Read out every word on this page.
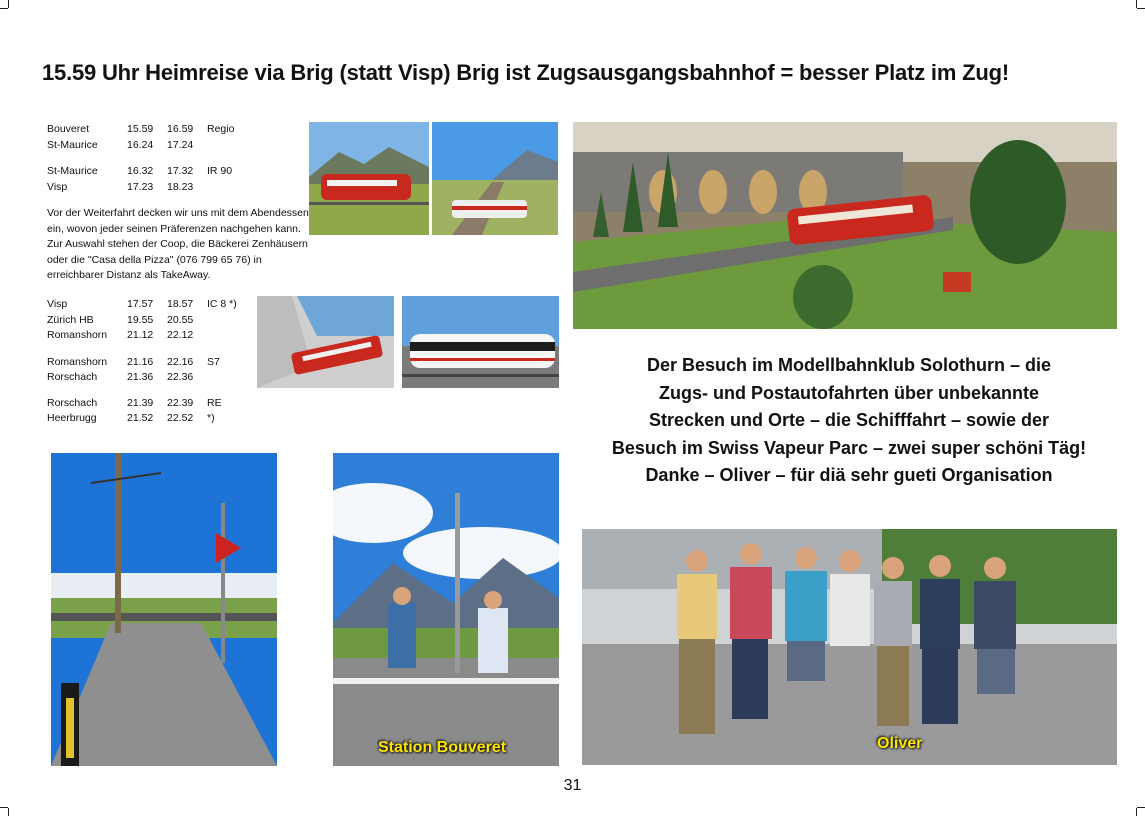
15.59 Uhr Heimreise via Brig (statt Visp) Brig ist Zugsausgangsbahnhof = besser Platz im Zug!
Bouveret	15.59	16.59	Regio
St-Maurice	16.24	17.24
St-Maurice	16.32	17.32	IR 90
Visp	17.23	18.23
Vor der Weiterfahrt decken wir uns mit dem Abendessen ein, wovon jeder seinen Präferenzen nachgehen kann. Zur Auswahl stehen der Coop, die Bäckerei Zenhäusern oder die "Casa della Pizza" (076 799 65 76) in erreichbarer Distanz als TakeAway.
Visp	17.57	18.57	IC 8 *)
Zürich HB	19.55	20.55
Romanshorn	21.12	22.12
Romanshorn	21.16	22.16	S7
Rorschach	21.36	22.36
Rorschach	21.39	22.39	RE
Heerbrugg	21.52	22.52	*)
Der Besuch im Modellbahnklub Solothurn – die
Zugs- und Postautofahrten über unbekannte
Strecken und Orte – die Schifffahrt – sowie der
Besuch im Swiss Vapeur Parc – zwei super schöni Täg!
Danke – Oliver – für diä sehr gueti Organisation
Station Bouveret	Oliver
31
